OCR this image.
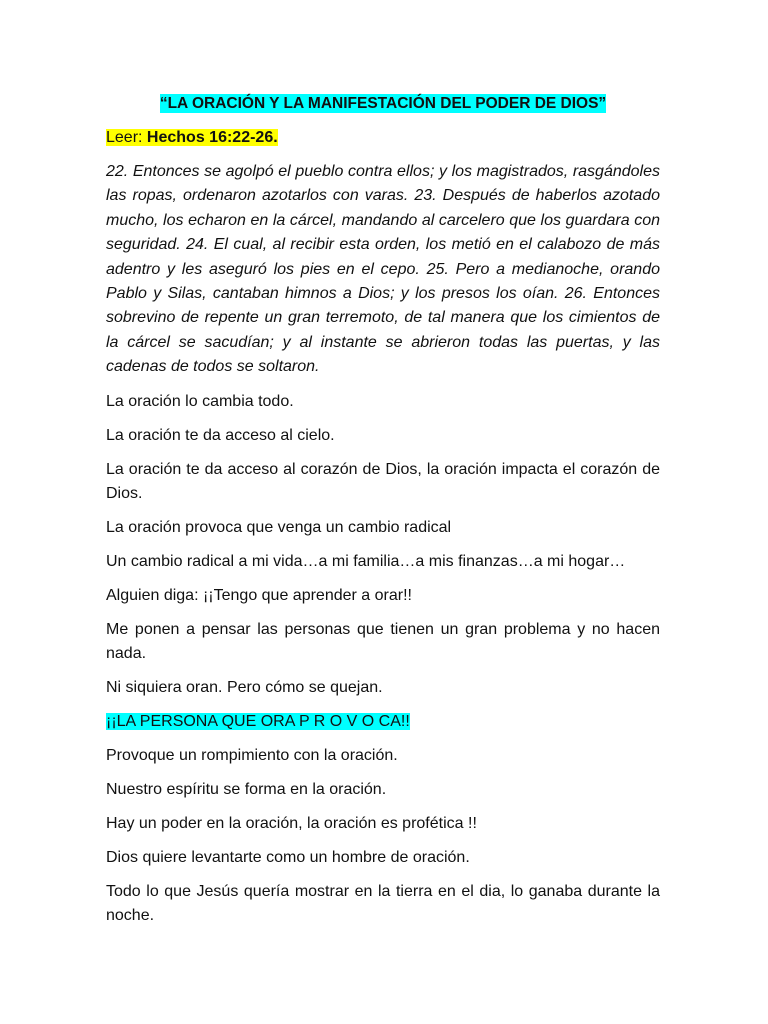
“LA ORACIÓN Y LA MANIFESTACIÓN DEL PODER DE DIOS”

Leer: Hechos 16:22-26.

22. Entonces se agolpó el pueblo contra ellos; y los magistrados, rasgándoles las ropas, ordenaron azotarlos con varas. 23. Después de haberlos azotado mucho, los echaron en la cárcel, mandando al carcelero que los guardara con seguridad. 24. El cual, al recibir esta orden, los metió en el calabozo de más adentro y les aseguró los pies en el cepo. 25. Pero a medianoche, orando Pablo y Silas, cantaban himnos a Dios; y los presos los oían. 26. Entonces sobrevino de repente un gran terremoto, de tal manera que los cimientos de la cárcel se sacudían; y al instante se abrieron todas las puertas, y las cadenas de todos se soltaron.

La oración lo cambia todo.

La oración te da acceso al cielo.

La oración te da acceso al corazón de Dios, la oración impacta el corazón de Dios.

La oración provoca que venga un cambio radical

Un cambio radical a mi vida…a mi familia…a mis finanzas…a mi hogar…

Alguien diga: ¡¡Tengo que aprender a orar!!

Me ponen a pensar las personas que tienen un gran problema y no hacen nada.

Ni siquiera oran. Pero cómo se quejan.

¡¡LA PERSONA QUE ORA P R O V O CA!!

Provoque un rompimiento con la oración.

Nuestro espíritu se forma en la oración.

Hay un poder en la oración, la oración es profética !!

Dios quiere levantarte como un hombre de oración.

Todo lo que Jesús quería mostrar en la tierra en el dia, lo ganaba durante la noche.
